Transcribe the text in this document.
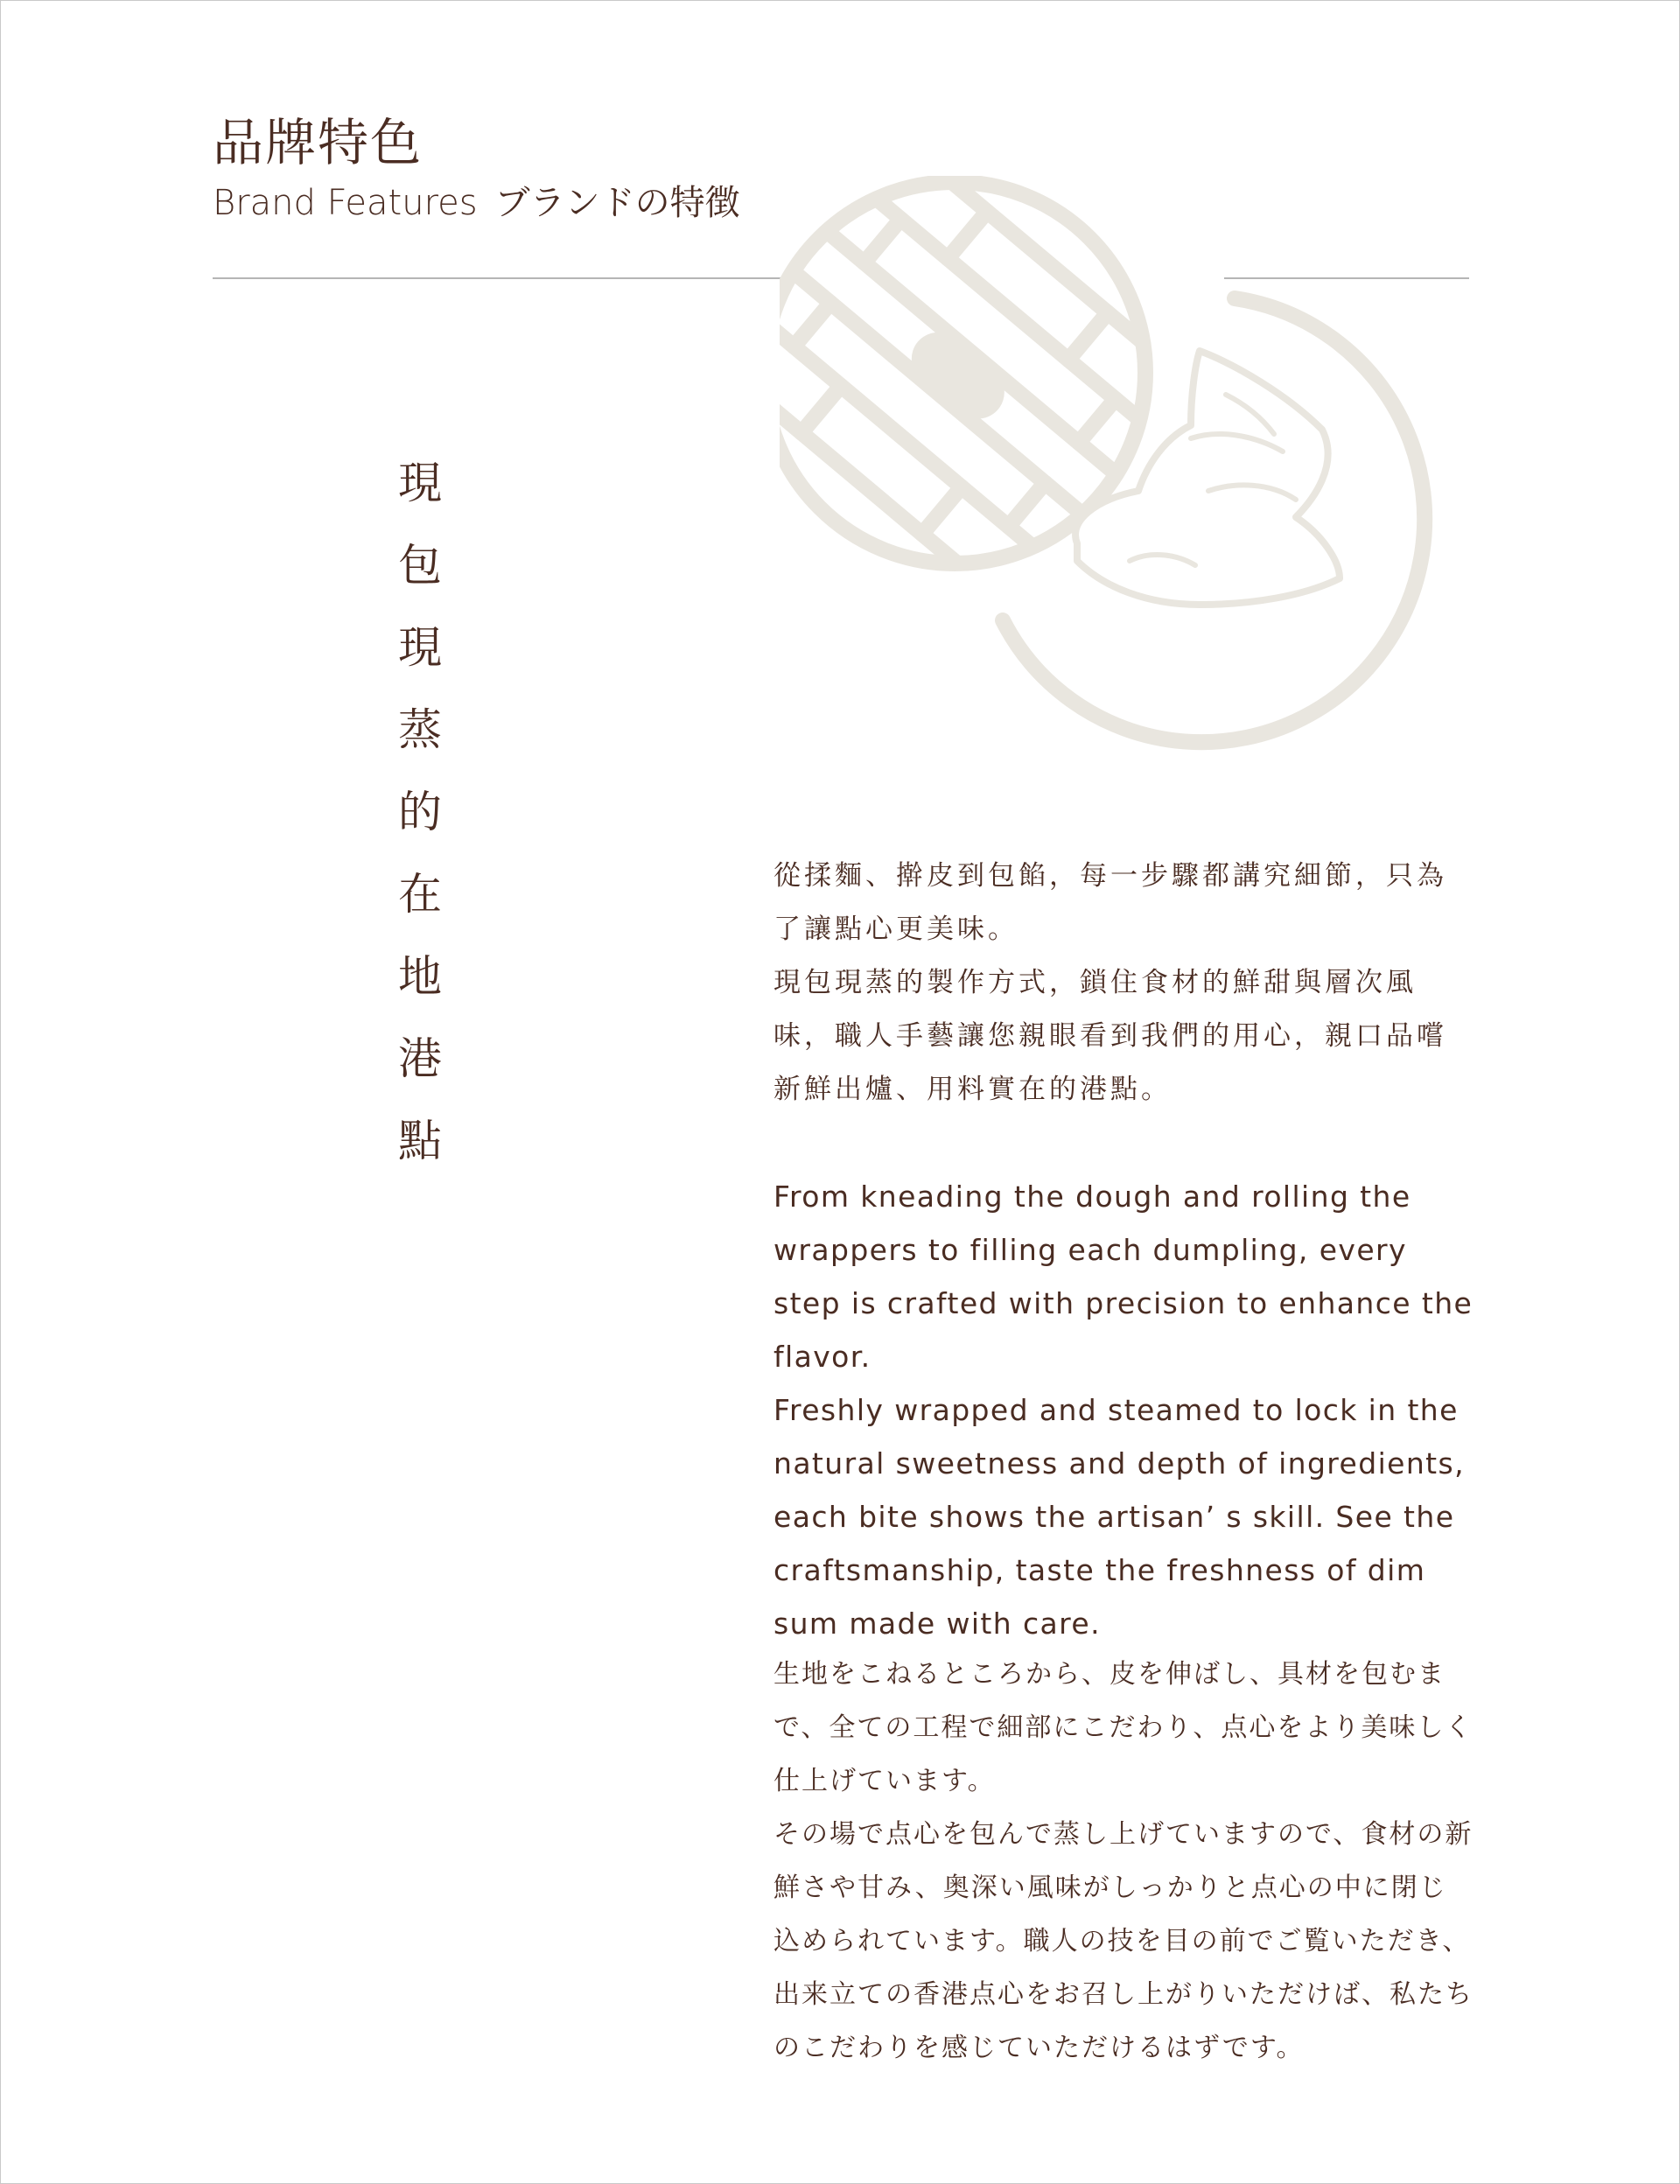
品牌特色
Brand Features ブランドの特徴
現包現蒸的在地港點	從揉麵、擀皮到包餡，每一步驟都講究細節，只為了讓點心更美味。

現包現蒸的製作方式，鎖住食材的鮮甜與層次風味，職人手藝讓您親眼看到我們的用心，親口品嚐新鮮出爐、用料實在的港點。

From kneading the dough and rolling the wrappers to filling each dumpling, every step is crafted with precision to enhance the flavor.

Freshly wrapped and steamed to lock in the natural sweetness and depth of ingredients, each bite shows the artisan’ s skill. See the craftsmanship, taste the freshness of dim sum made with care.

生地をこねるところから、皮を伸ばし、具材を包むまで、全ての工程で細部にこだわり、点心をより美味しく仕上げています。

その場で点心を包んで蒸し上げていますので、食材の新鮮さや甘み、奥深い風味がしっかりと点心の中に閉じ込められています。職人の技を目の前でご覧いただき、出来立ての香港点心をお召し上がりいただけば、私たちのこだわりを感じていただけるはずです。
